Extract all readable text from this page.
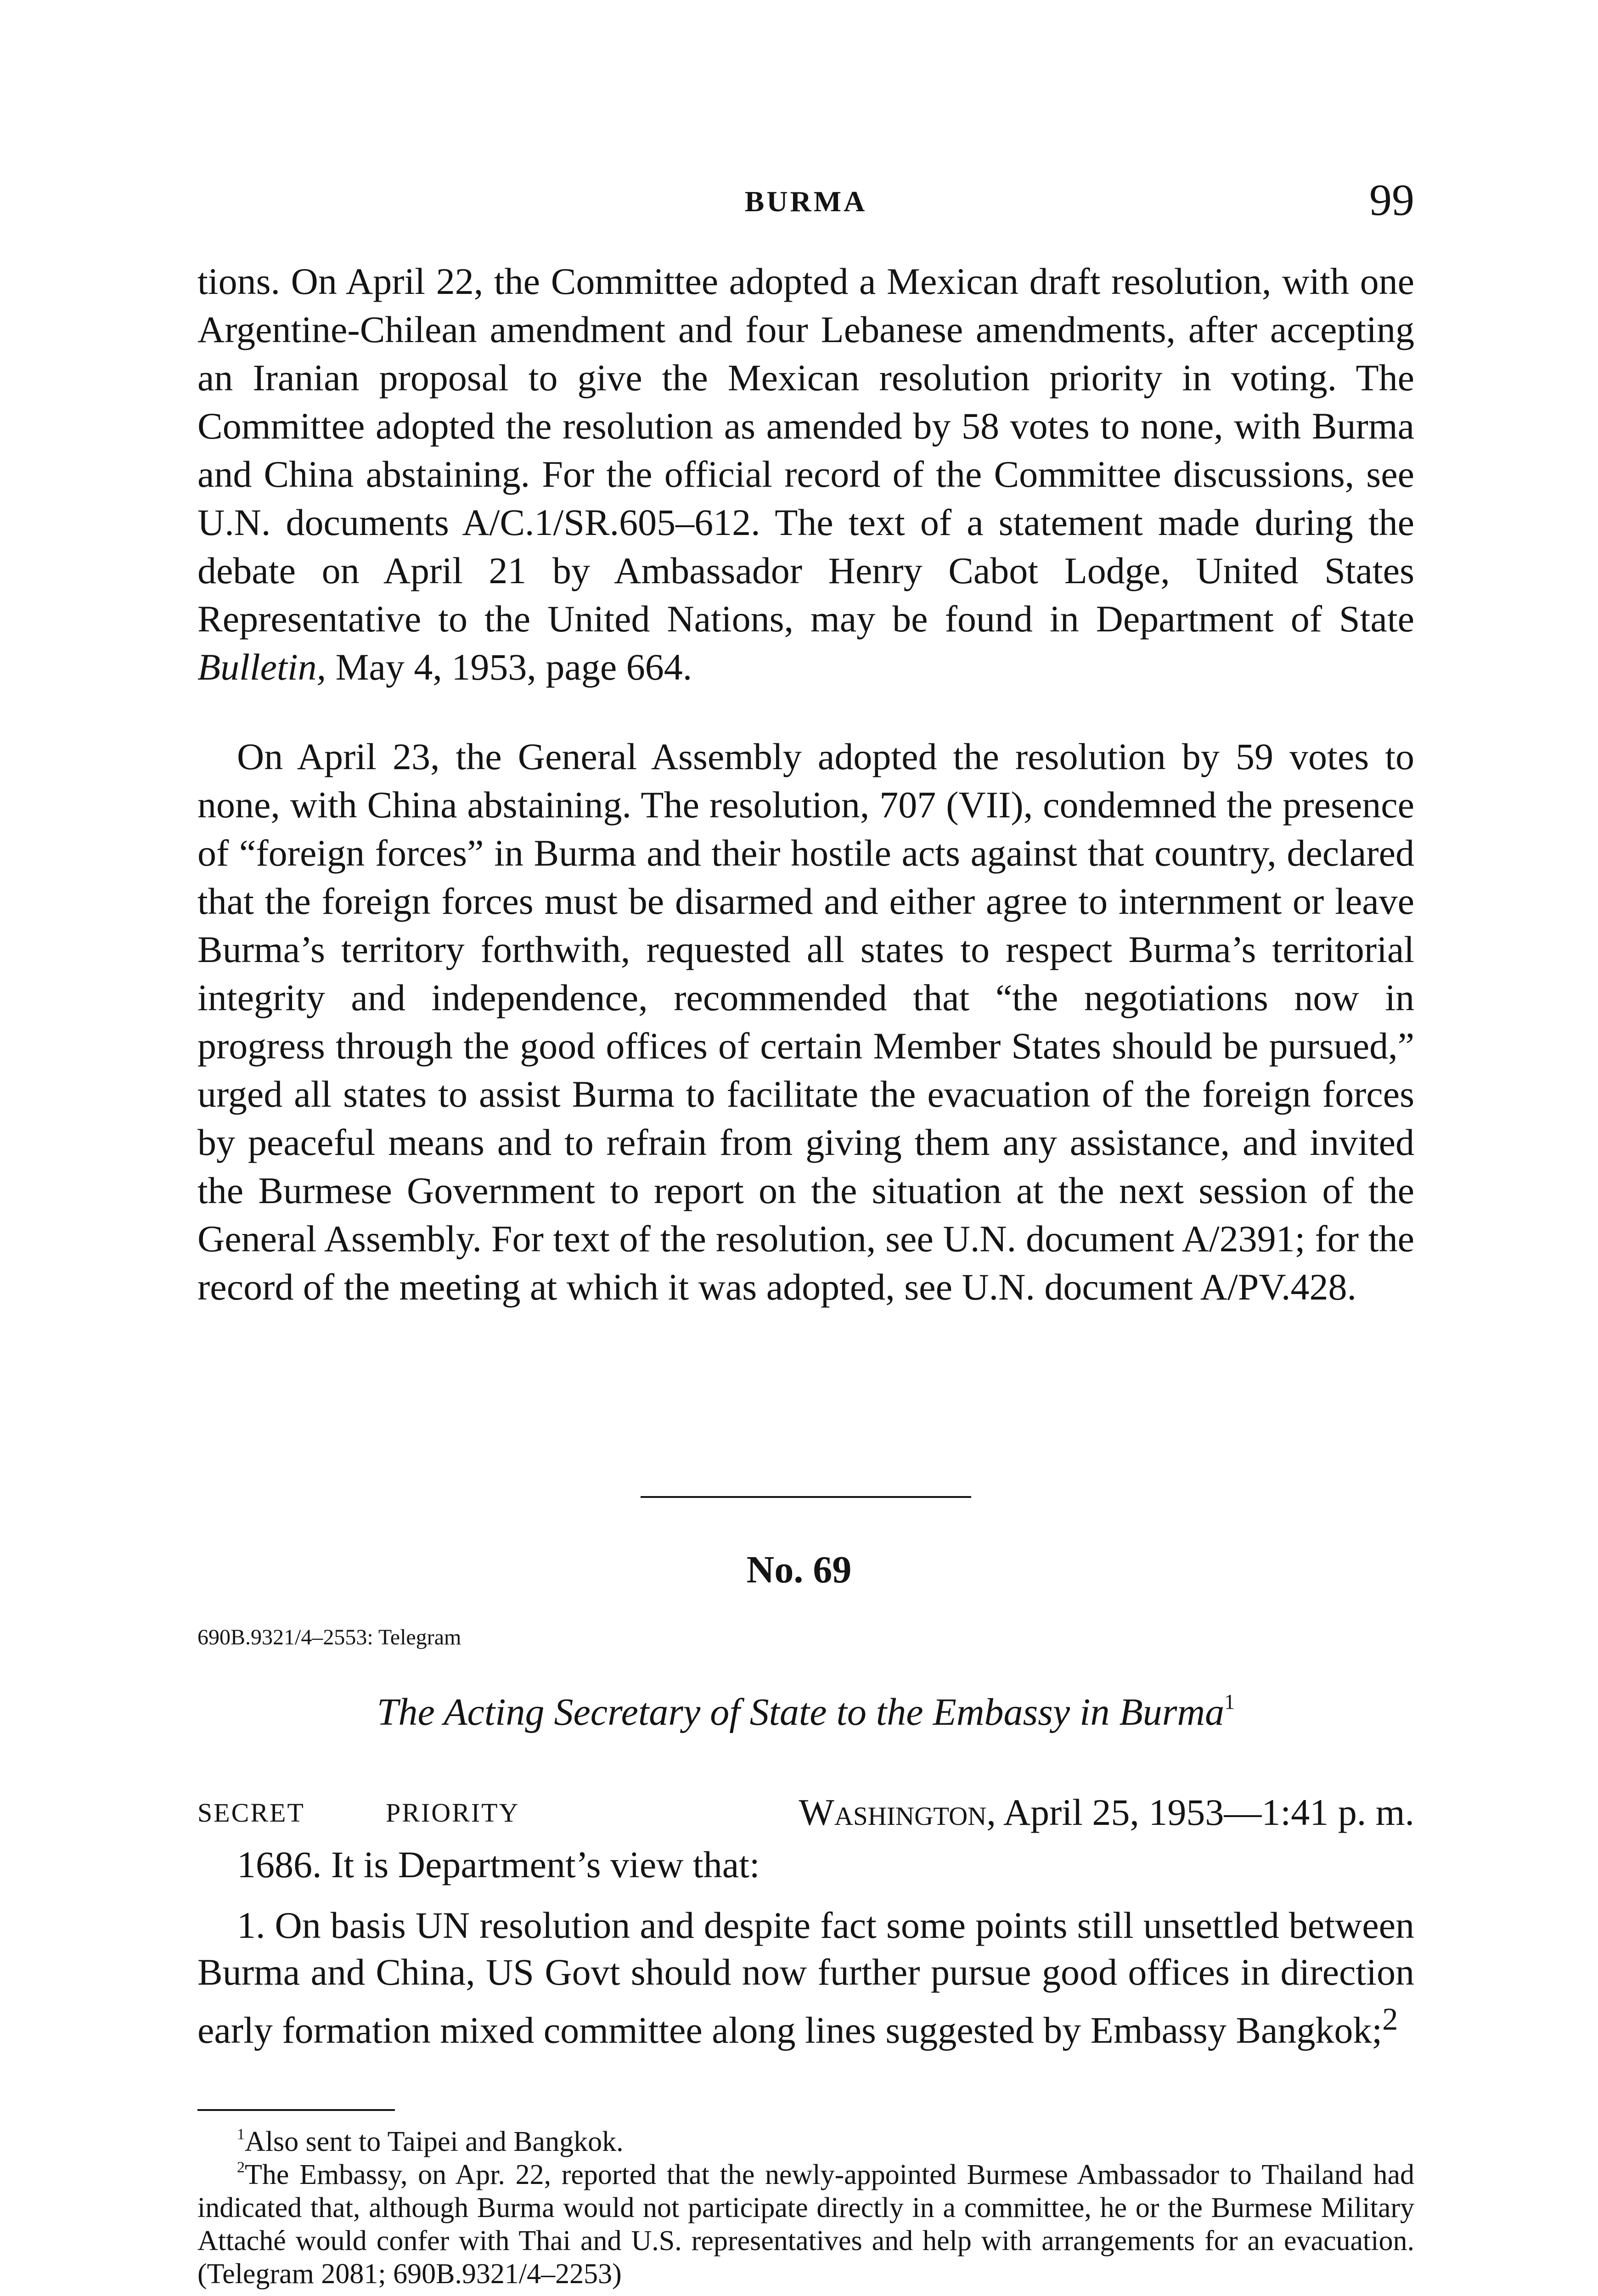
BURMA	99

tions. On April 22, the Committee adopted a Mexican draft resolution, with one Argentine-Chilean amendment and four Lebanese amendments, after accepting an Iranian proposal to give the Mexican resolution priority in voting. The Committee adopted the resolution as amended by 58 votes to none, with Burma and China abstaining. For the official record of the Committee discussions, see U.N. documents A/C.1/SR.605–612. The text of a statement made during the debate on April 21 by Ambassador Henry Cabot Lodge, United States Representative to the United Nations, may be found in Department of State Bulletin, May 4, 1953, page 664.

On April 23, the General Assembly adopted the resolution by 59 votes to none, with China abstaining. The resolution, 707 (VII), condemned the presence of “foreign forces” in Burma and their hostile acts against that country, declared that the foreign forces must be disarmed and either agree to internment or leave Burma’s territory forthwith, requested all states to respect Burma’s territorial integrity and independence, recommended that “the negotiations now in progress through the good offices of certain Member States should be pursued,” urged all states to assist Burma to facilitate the evacuation of the foreign forces by peaceful means and to refrain from giving them any assistance, and invited the Burmese Government to report on the situation at the next session of the General Assembly. For text of the resolution, see U.N. document A/2391; for the record of the meeting at which it was adopted, see U.N. document A/PV.428.

No. 69
690B.9321/4–2553: Telegram
The Acting Secretary of State to the Embassy in Burma$^1$
SECRET	PRIORITY	Washington, April 25, 1953—1:41 p. m.

1686. It is Department’s view that:

1. On basis UN resolution and despite fact some points still unsettled between Burma and China, US Govt should now further pursue good offices in direction early formation mixed committee along lines suggested by Embassy Bangkok;$^2$

$^1$Also sent to Taipei and Bangkok.

$^2$The Embassy, on Apr. 22, reported that the newly-appointed Burmese Ambassador to Thailand had indicated that, although Burma would not participate directly in a committee, he or the Burmese Military Attaché would confer with Thai and U.S. representatives and help with arrangements for an evacuation. (Telegram 2081; 690B.9321/4–2253)
